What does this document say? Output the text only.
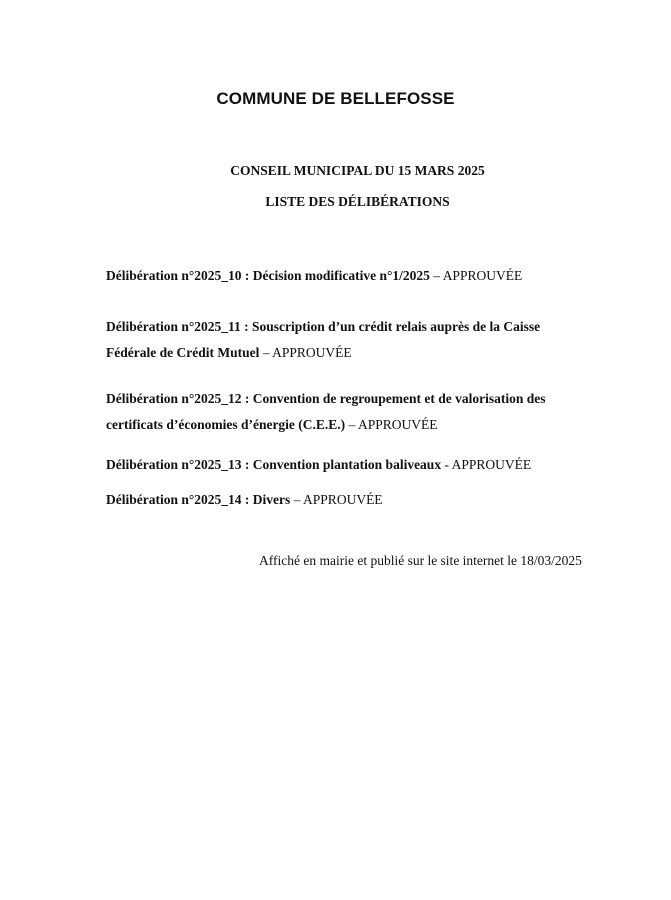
COMMUNE DE BELLEFOSSE
CONSEIL MUNICIPAL DU 15 MARS 2025
LISTE DES DÉLIBÉRATIONS
Délibération n°2025_10 : Décision modificative n°1/2025 – APPROUVÉE
Délibération n°2025_11 : Souscription d’un crédit relais auprès de la Caisse Fédérale de Crédit Mutuel – APPROUVÉE
Délibération n°2025_12 : Convention de regroupement et de valorisation des certificats d’économies d’énergie (C.E.E.) – APPROUVÉE
Délibération n°2025_13 : Convention plantation baliveaux - APPROUVÉE
Délibération n°2025_14 : Divers – APPROUVÉE
Affiché en mairie et publié sur le site internet le 18/03/2025
